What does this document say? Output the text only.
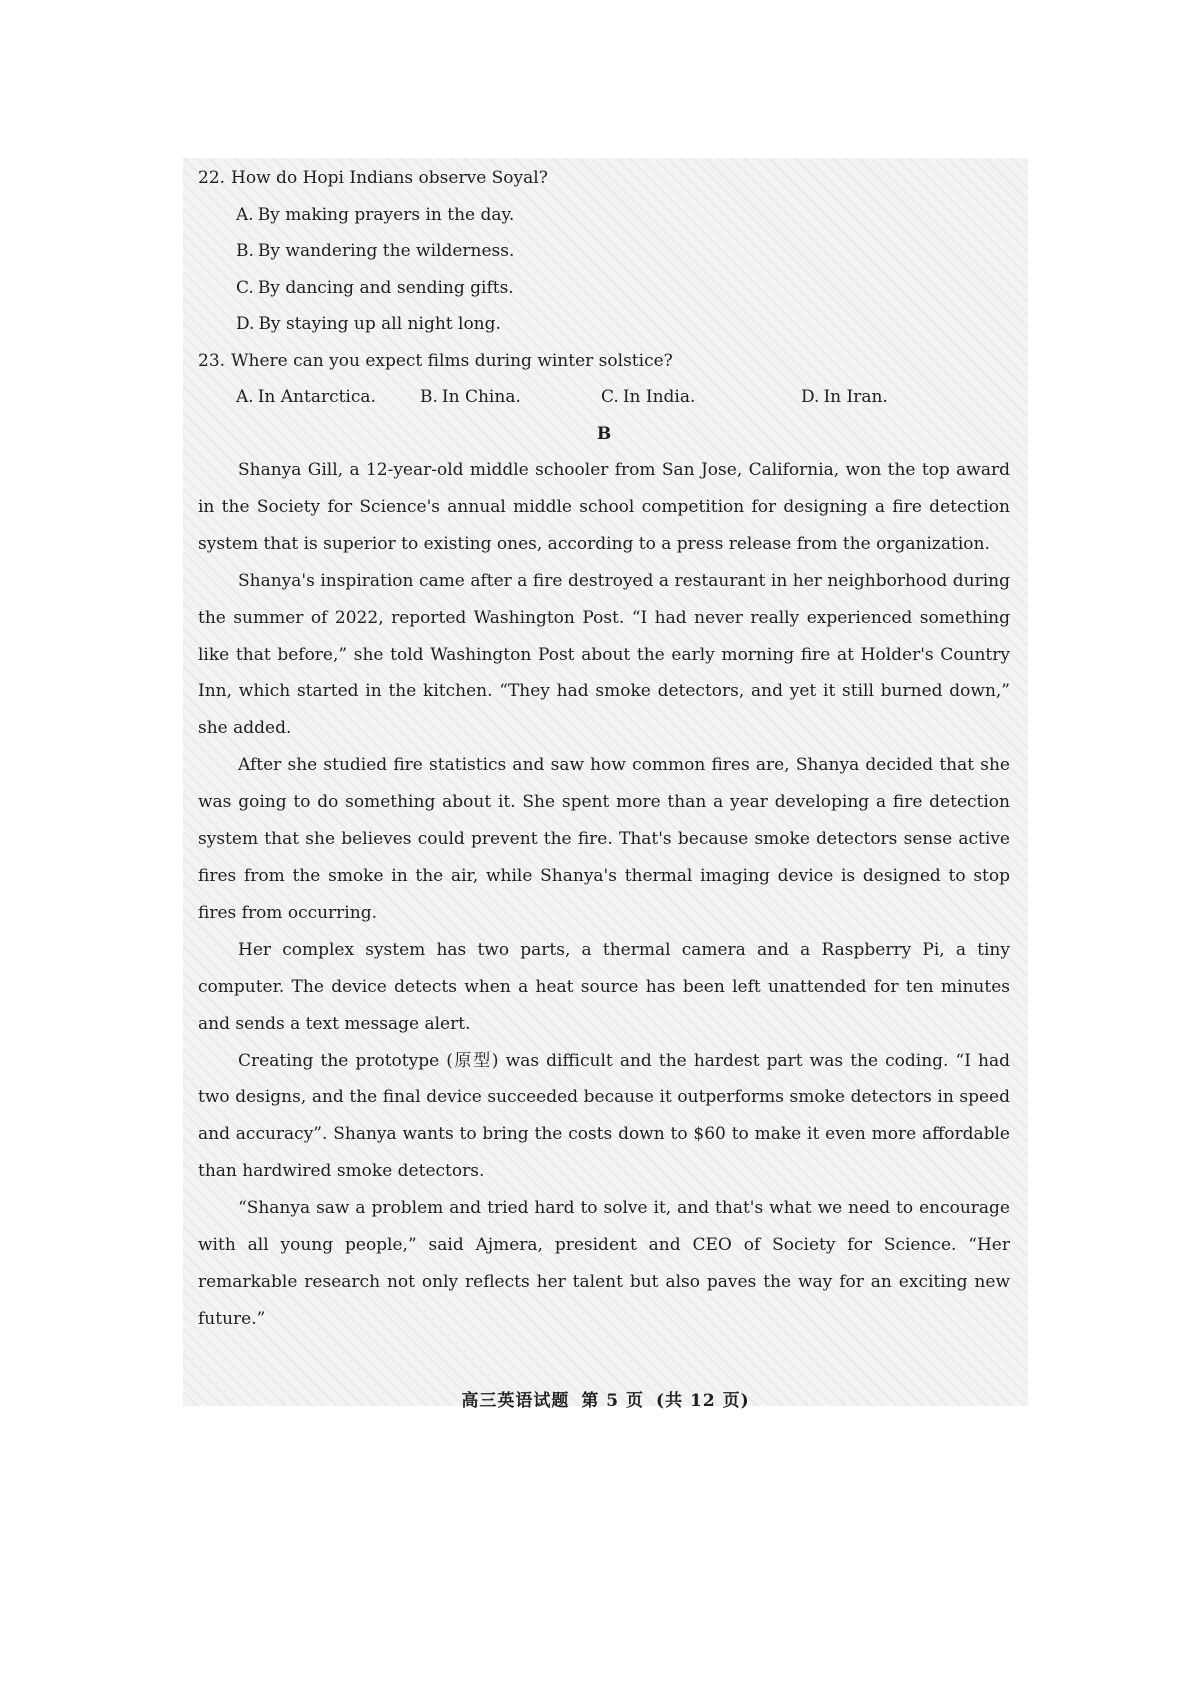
22. How do Hopi Indians observe Soyal?

A. By making prayers in the day.

B. By wandering the wilderness.

C. By dancing and sending gifts.

D. By staying up all night long.

23. Where can you expect films during winter solstice?

A. In Antarctica.	B. In China.	C. In India.	D. In Iran.

B

Shanya Gill, a 12-year-old middle schooler from San Jose, California, won the top award in the Society for Science's annual middle school competition for designing a fire detection system that is superior to existing ones, according to a press release from the organization.

Shanya's inspiration came after a fire destroyed a restaurant in her neighborhood during the summer of 2022, reported Washington Post. “I had never really experienced something like that before,” she told Washington Post about the early morning fire at Holder's Country Inn, which started in the kitchen. “They had smoke detectors, and yet it still burned down,” she added.

After she studied fire statistics and saw how common fires are, Shanya decided that she was going to do something about it. She spent more than a year developing a fire detection system that she believes could prevent the fire. That's because smoke detectors sense active fires from the smoke in the air, while Shanya's thermal imaging device is designed to stop fires from occurring.

Her complex system has two parts, a thermal camera and a Raspberry Pi, a tiny computer. The device detects when a heat source has been left unattended for ten minutes and sends a text message alert.

Creating the prototype (原型) was difficult and the hardest part was the coding. “I had two designs, and the final device succeeded because it outperforms smoke detectors in speed and accuracy”. Shanya wants to bring the costs down to $60 to make it even more affordable than hardwired smoke detectors.

“Shanya saw a problem and tried hard to solve it, and that's what we need to encourage with all young people,” said Ajmera, president and CEO of Society for Science. “Her remarkable research not only reflects her talent but also paves the way for an exciting new future.”

高三英语试题 第 5 页 (共 12 页)
